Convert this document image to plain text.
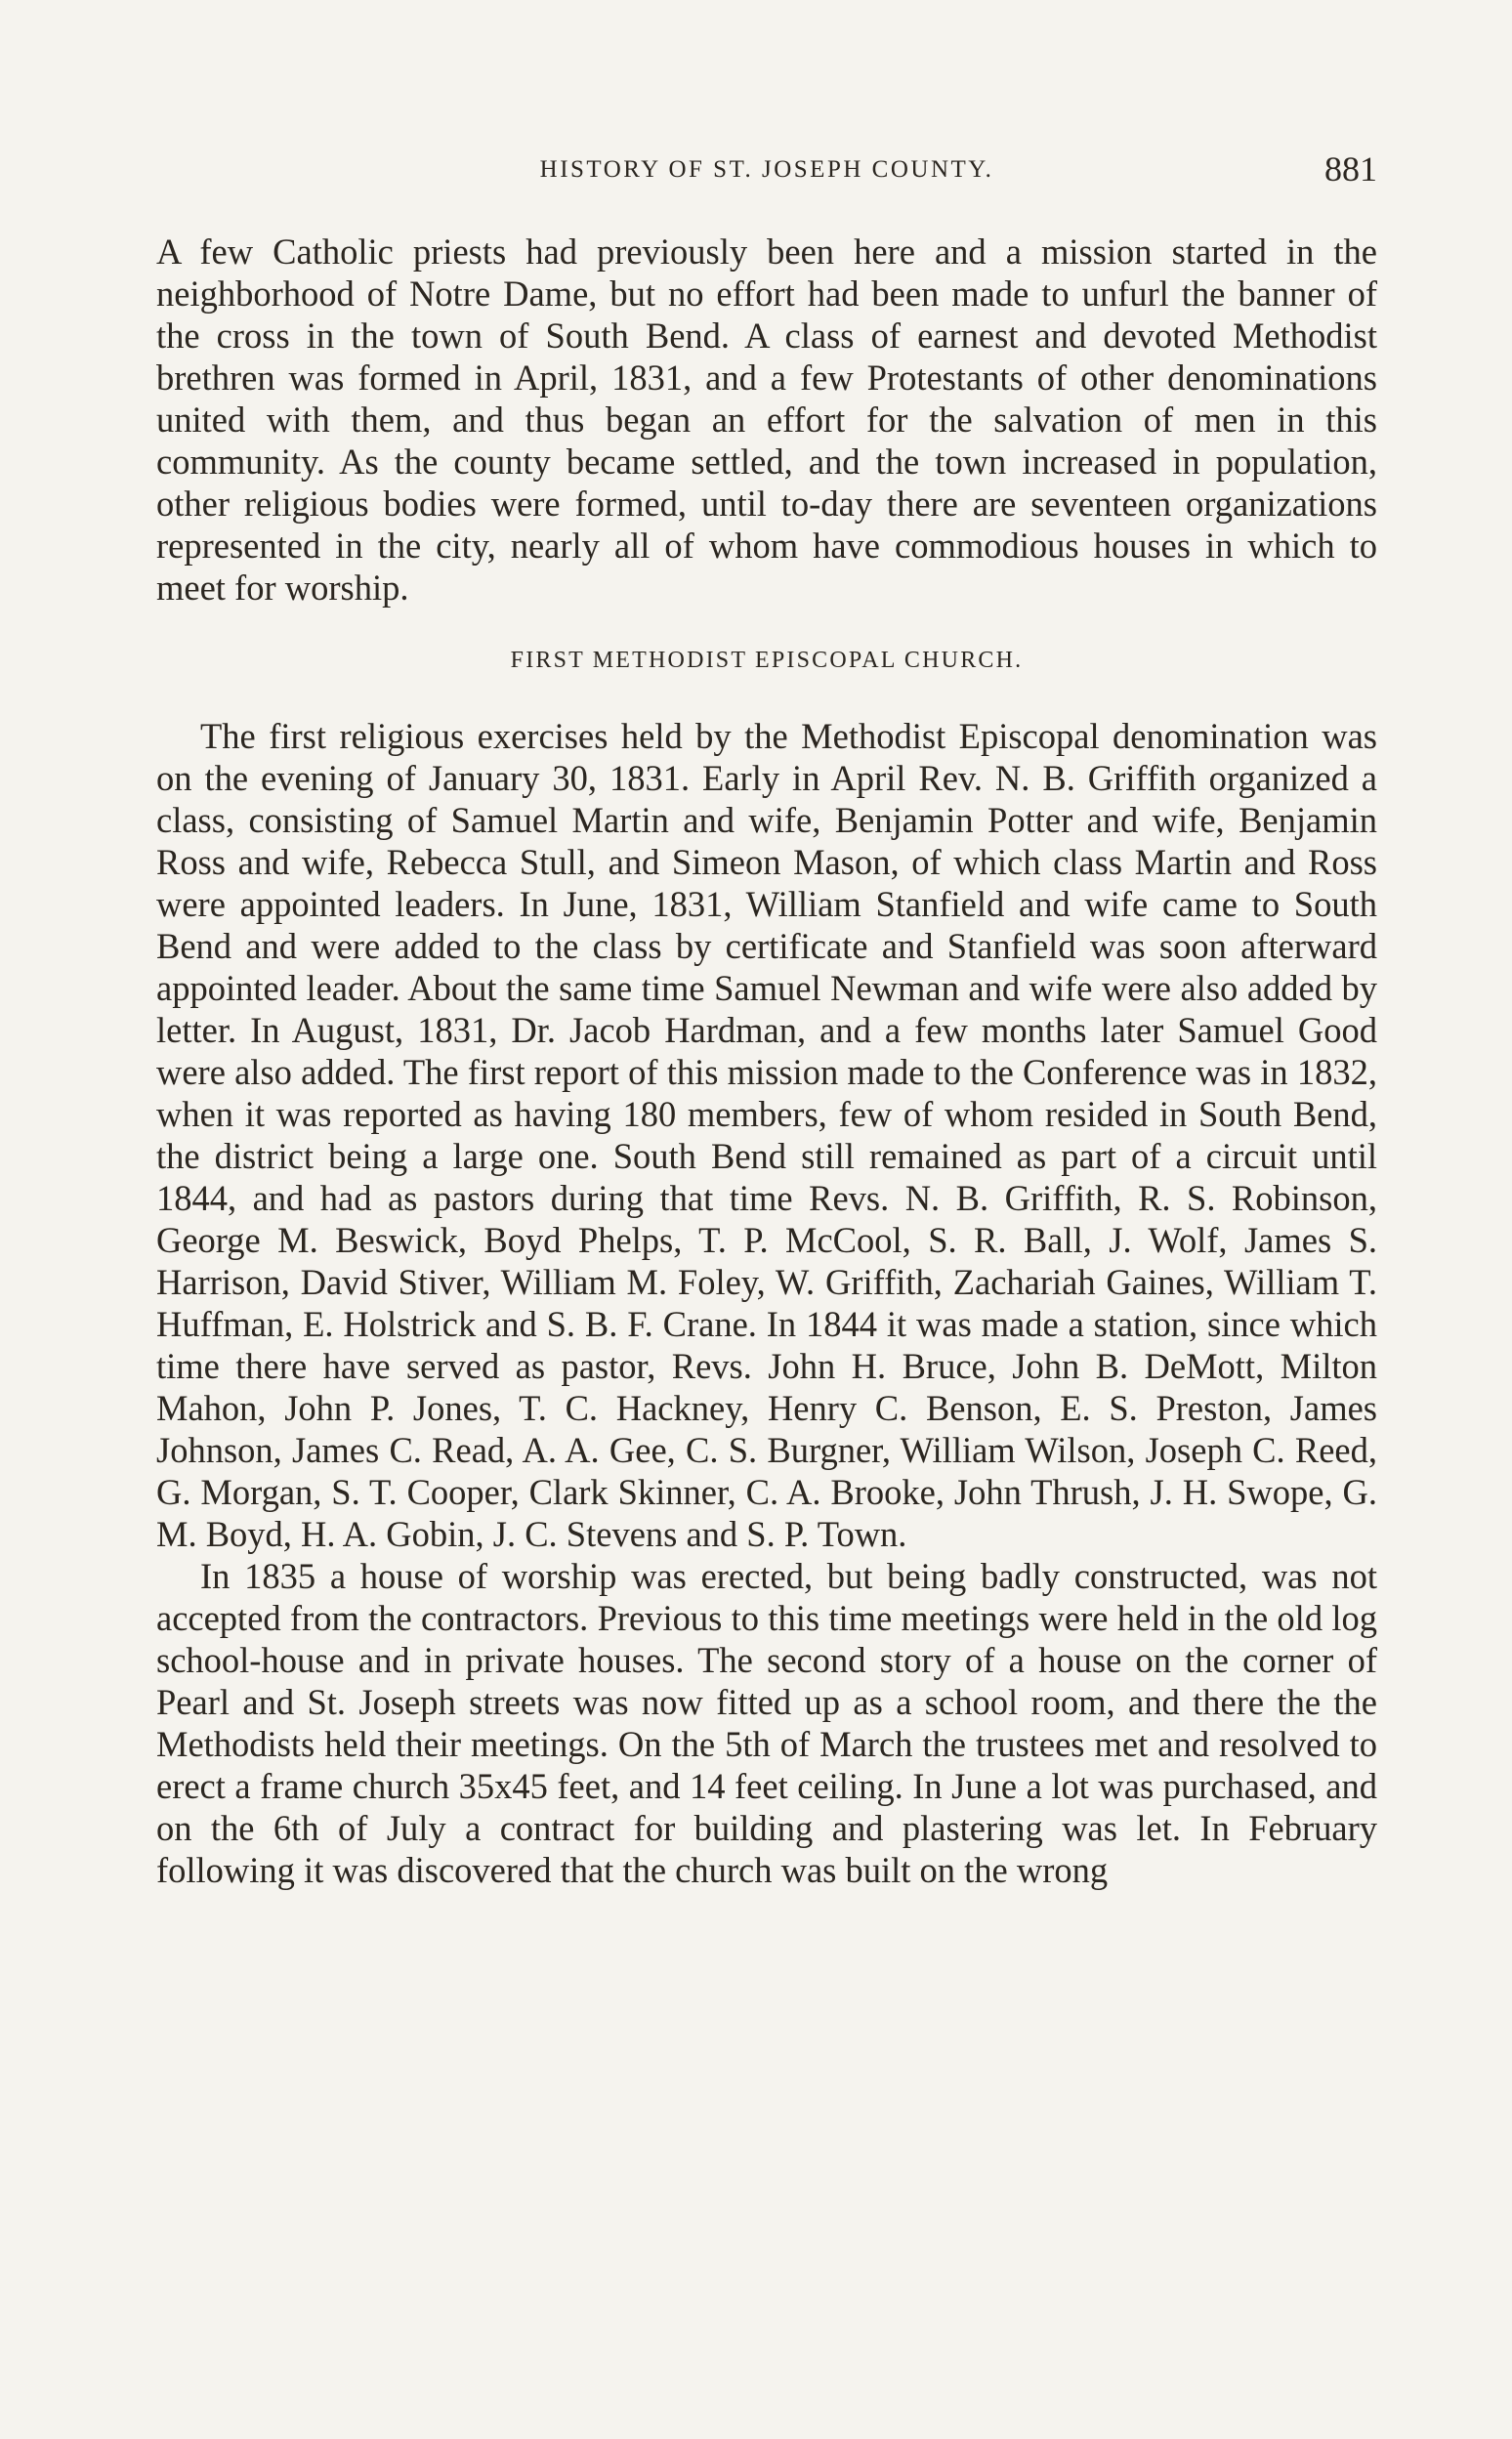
HISTORY OF ST. JOSEPH COUNTY.	881

A few Catholic priests had previously been here and a mission started in the neighborhood of Notre Dame, but no effort had been made to unfurl the banner of the cross in the town of South Bend. A class of earnest and devoted Methodist brethren was formed in April, 1831, and a few Protestants of other denominations united with them, and thus began an effort for the salvation of men in this community. As the county became settled, and the town increased in population, other religious bodies were formed, until to-day there are seventeen organizations represented in the city, nearly all of whom have commodious houses in which to meet for worship.

FIRST METHODIST EPISCOPAL CHURCH.

The first religious exercises held by the Methodist Episcopal denomination was on the evening of January 30, 1831. Early in April Rev. N. B. Griffith organized a class, consisting of Samuel Martin and wife, Benjamin Potter and wife, Benjamin Ross and wife, Rebecca Stull, and Simeon Mason, of which class Martin and Ross were appointed leaders. In June, 1831, William Stanfield and wife came to South Bend and were added to the class by certificate and Stanfield was soon afterward appointed leader. About the same time Samuel Newman and wife were also added by letter. In August, 1831, Dr. Jacob Hardman, and a few months later Samuel Good were also added. The first report of this mission made to the Conference was in 1832, when it was reported as having 180 members, few of whom resided in South Bend, the district being a large one. South Bend still remained as part of a circuit until 1844, and had as pastors during that time Revs. N. B. Griffith, R. S. Robinson, George M. Beswick, Boyd Phelps, T. P. McCool, S. R. Ball, J. Wolf, James S. Harrison, David Stiver, William M. Foley, W. Griffith, Zachariah Gaines, William T. Huffman, E. Holstrick and S. B. F. Crane. In 1844 it was made a station, since which time there have served as pastor, Revs. John H. Bruce, John B. DeMott, Milton Mahon, John P. Jones, T. C. Hackney, Henry C. Benson, E. S. Preston, James Johnson, James C. Read, A. A. Gee, C. S. Burgner, William Wilson, Joseph C. Reed, G. Morgan, S. T. Cooper, Clark Skinner, C. A. Brooke, John Thrush, J. H. Swope, G. M. Boyd, H. A. Gobin, J. C. Stevens and S. P. Town.

In 1835 a house of worship was erected, but being badly constructed, was not accepted from the contractors. Previous to this time meetings were held in the old log school-house and in private houses. The second story of a house on the corner of Pearl and St. Joseph streets was now fitted up as a school room, and there the the Methodists held their meetings. On the 5th of March the trustees met and resolved to erect a frame church 35x45 feet, and 14 feet ceiling. In June a lot was purchased, and on the 6th of July a contract for building and plastering was let. In February following it was discovered that the church was built on the wrong
